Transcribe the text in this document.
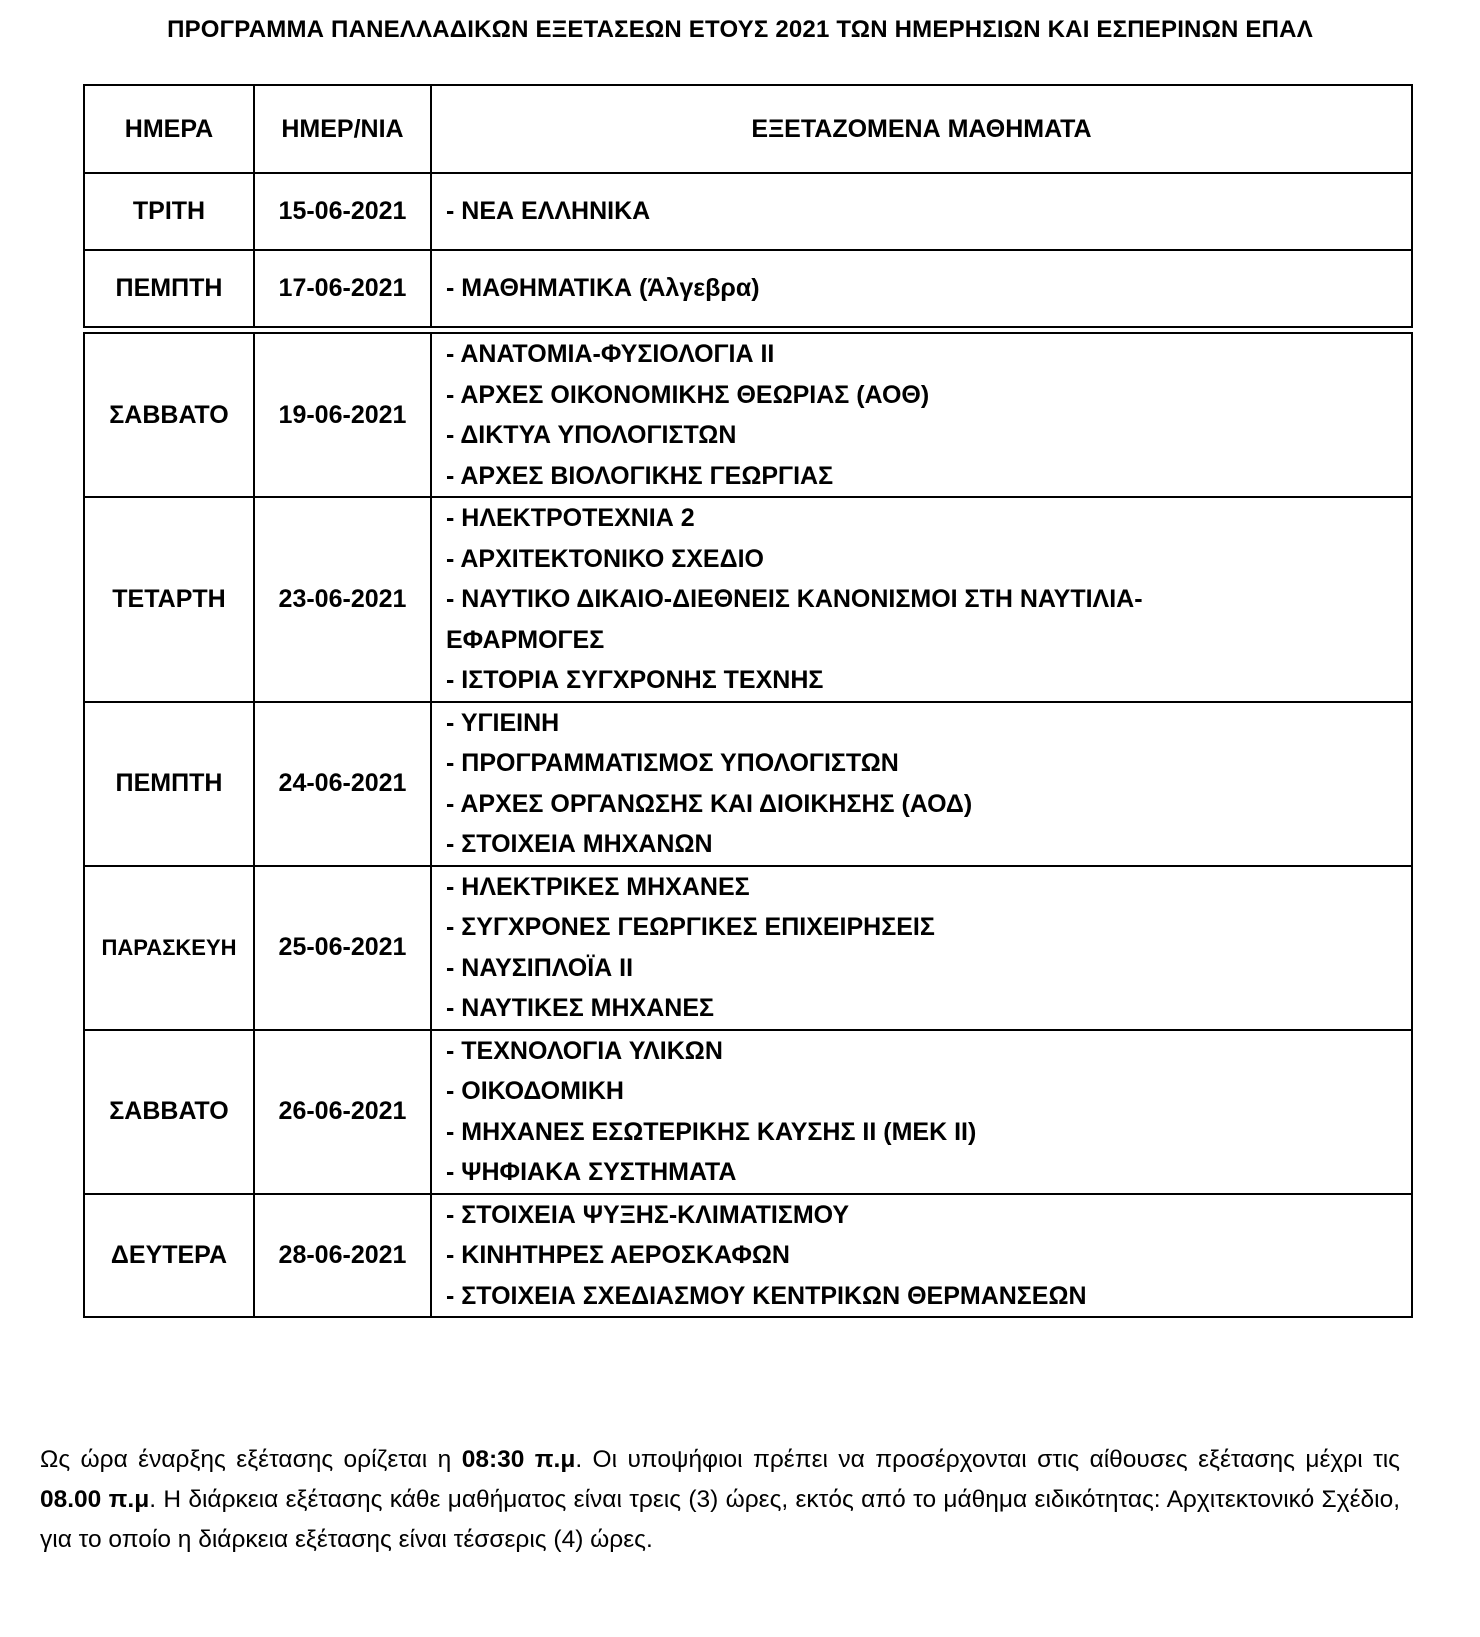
ΠΡΟΓΡΑΜΜΑ ΠΑΝΕΛΛΑΔΙΚΩΝ ΕΞΕΤΑΣΕΩΝ ΕΤΟΥΣ 2021 ΤΩΝ ΗΜΕΡΗΣΙΩΝ ΚΑΙ ΕΣΠΕΡΙΝΩΝ ΕΠΑΛ
ΗΜΕΡΑ	ΗΜΕΡ/ΝΙΑ	ΕΞΕΤΑΖΟΜΕΝΑ ΜΑΘΗΜΑΤΑ
ΤΡΙΤΗ	15-06-2021	- ΝΕΑ ΕΛΛΗΝΙΚΑ

ΠΕΜΠΤΗ	17-06-2021	- ΜΑΘΗΜΑΤΙΚΑ (Άλγεβρα)

ΣΑΒΒΑΤΟ	19-06-2021	- ΑΝΑΤΟΜΙΑ-ΦΥΣΙΟΛΟΓΙΑ ΙΙ
- ΑΡΧΕΣ ΟΙΚΟΝΟΜΙΚΗΣ ΘΕΩΡΙΑΣ (ΑΟΘ)
- ΔΙΚΤΥΑ ΥΠΟΛΟΓΙΣΤΩΝ
- ΑΡΧΕΣ ΒΙΟΛΟΓΙΚΗΣ ΓΕΩΡΓΙΑΣ

ΤΕΤΑΡΤΗ	23-06-2021	- ΗΛΕΚΤΡΟΤΕΧΝΙΑ 2
- ΑΡΧΙΤΕΚΤΟΝΙΚΟ ΣΧΕΔΙΟ
- ΝΑΥΤΙΚΟ ΔΙΚΑΙΟ-ΔΙΕΘΝΕΙΣ ΚΑΝΟΝΙΣΜΟΙ ΣΤΗ ΝΑΥΤΙΛΙΑ-
ΕΦΑΡΜΟΓΕΣ
- ΙΣΤΟΡΙΑ ΣΥΓΧΡΟΝΗΣ ΤΕΧΝΗΣ

ΠΕΜΠΤΗ	24-06-2021	- ΥΓΙΕΙΝΗ
- ΠΡΟΓΡΑΜΜΑΤΙΣΜΟΣ ΥΠΟΛΟΓΙΣΤΩΝ
- ΑΡΧΕΣ ΟΡΓΑΝΩΣΗΣ ΚΑΙ ΔΙΟΙΚΗΣΗΣ (ΑΟΔ)
- ΣΤΟΙΧΕΙΑ ΜΗΧΑΝΩΝ

ΠΑΡΑΣΚΕΥΗ	25-06-2021	- ΗΛΕΚΤΡΙΚΕΣ ΜΗΧΑΝΕΣ
- ΣΥΓΧΡΟΝΕΣ ΓΕΩΡΓΙΚΕΣ ΕΠΙΧΕΙΡΗΣΕΙΣ
- ΝΑΥΣΙΠΛΟΪΑ ΙΙ
- ΝΑΥΤΙΚΕΣ ΜΗΧΑΝΕΣ

ΣΑΒΒΑΤΟ	26-06-2021	- ΤΕΧΝΟΛΟΓΙΑ ΥΛΙΚΩΝ
- ΟΙΚΟΔΟΜΙΚΗ
- ΜΗΧΑΝΕΣ ΕΣΩΤΕΡΙΚΗΣ ΚΑΥΣΗΣ ΙΙ (ΜΕΚ ΙΙ)
- ΨΗΦΙΑΚΑ ΣΥΣΤΗΜΑΤΑ

ΔΕΥΤΕΡΑ	28-06-2021	- ΣΤΟΙΧΕΙΑ ΨΥΞΗΣ-ΚΛΙΜΑΤΙΣΜΟΥ
- ΚΙΝΗΤΗΡΕΣ ΑΕΡΟΣΚΑΦΩΝ
- ΣΤΟΙΧΕΙΑ ΣΧΕΔΙΑΣΜΟΥ ΚΕΝΤΡΙΚΩΝ ΘΕΡΜΑΝΣΕΩΝ
Ως ώρα έναρξης εξέτασης ορίζεται η 08:30 π.μ. Οι υποψήφιοι πρέπει να προσέρχονται στις αίθουσες εξέτασης μέχρι τις 08.00 π.μ. Η διάρκεια εξέτασης κάθε μαθήματος είναι τρεις (3) ώρες, εκτός από το μάθημα ειδικότητας: Αρχιτεκτονικό Σχέδιο, για το οποίο η διάρκεια εξέτασης είναι τέσσερις (4) ώρες.
